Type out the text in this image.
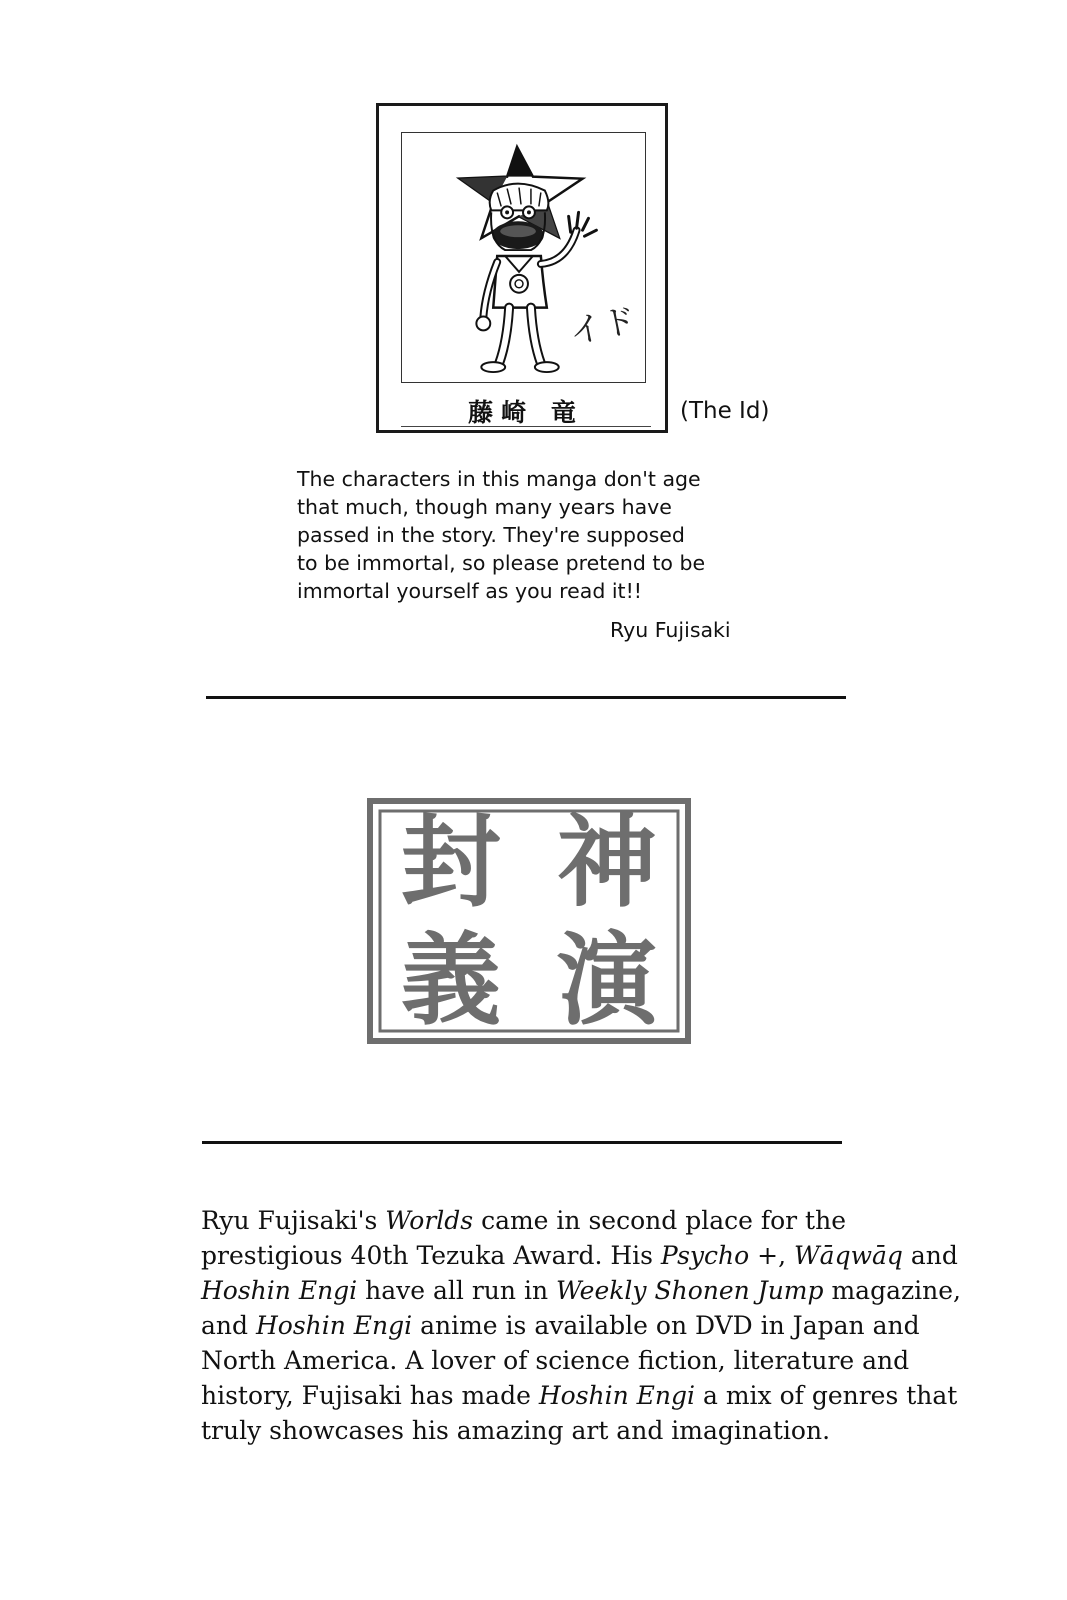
イド
藤崎 竜	(The Id)
The characters in this manga don't age
that much, though many years have
passed in the story. They're supposed
to be immortal, so please pretend to be
immortal yourself as you read it!!
Ryu Fujisaki
神
演
封
義
Ryu Fujisaki's Worlds came in second place for the
prestigious 40th Tezuka Award. His Psycho +, Wāqwāq and
Hoshin Engi have all run in Weekly Shonen Jump magazine,
and Hoshin Engi anime is available on DVD in Japan and
North America. A lover of science fiction, literature and
history, Fujisaki has made Hoshin Engi a mix of genres that
truly showcases his amazing art and imagination.
